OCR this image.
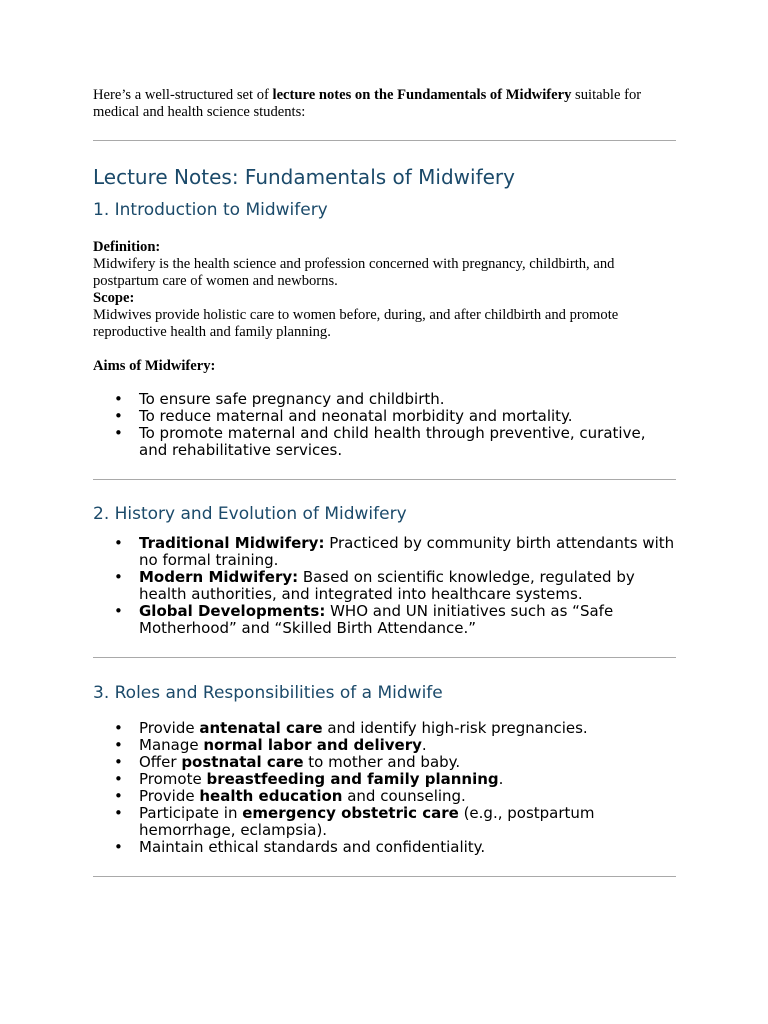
Here’s a well-structured set of lecture notes on the Fundamentals of Midwifery suitable for medical and health science students:

Lecture Notes: Fundamentals of Midwifery
1. Introduction to Midwifery

Definition:

Midwifery is the health science and profession concerned with pregnancy, childbirth, and postpartum care of women and newborns.

Scope:

Midwives provide holistic care to women before, during, and after childbirth and promote reproductive health and family planning.

Aims of Midwifery:

• To ensure safe pregnancy and childbirth.
• To reduce maternal and neonatal morbidity and mortality.
• To promote maternal and child health through preventive, curative, and rehabilitative services.
2. History and Evolution of Midwifery
• Traditional Midwifery: Practiced by community birth attendants with no formal training.
• Modern Midwifery: Based on scientific knowledge, regulated by health authorities, and integrated into healthcare systems.
• Global Developments: WHO and UN initiatives such as “Safe Motherhood” and “Skilled Birth Attendance.”
3. Roles and Responsibilities of a Midwife
• Provide antenatal care and identify high-risk pregnancies.
• Manage normal labor and delivery.
• Offer postnatal care to mother and baby.
• Promote breastfeeding and family planning.
• Provide health education and counseling.
• Participate in emergency obstetric care (e.g., postpartum hemorrhage, eclampsia).
• Maintain ethical standards and confidentiality.
